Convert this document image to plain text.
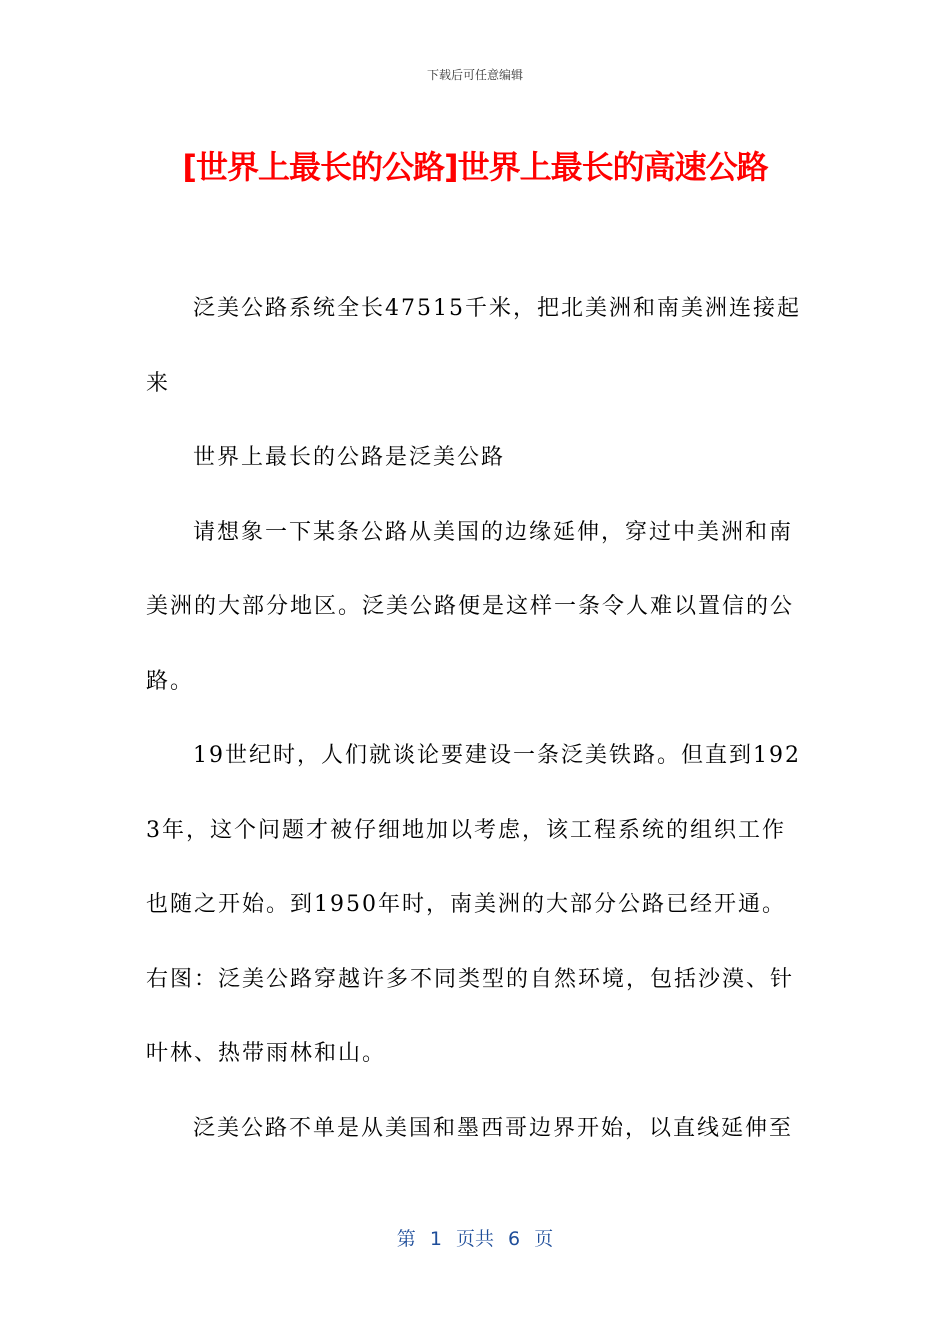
下载后可任意编辑
[世界上最长的公路]世界上最长的高速公路

泛美公路系统全长47515千米，把北美洲和南美洲连接起来

世界上最长的公路是泛美公路

请想象一下某条公路从美国的边缘延伸，穿过中美洲和南美洲的大部分地区。泛美公路便是这样一条令人难以置信的公路。

19世纪时，人们就谈论要建设一条泛美铁路。但直到1923年，这个问题才被仔细地加以考虑，该工程系统的组织工作也随之开始。到1950年时，南美洲的大部分公路已经开通。右图：泛美公路穿越许多不同类型的自然环境，包括沙漠、针叶林、热带雨林和山。

泛美公路不单是从美国和墨西哥边界开始，以直线延伸至

第 1 页共 6 页
